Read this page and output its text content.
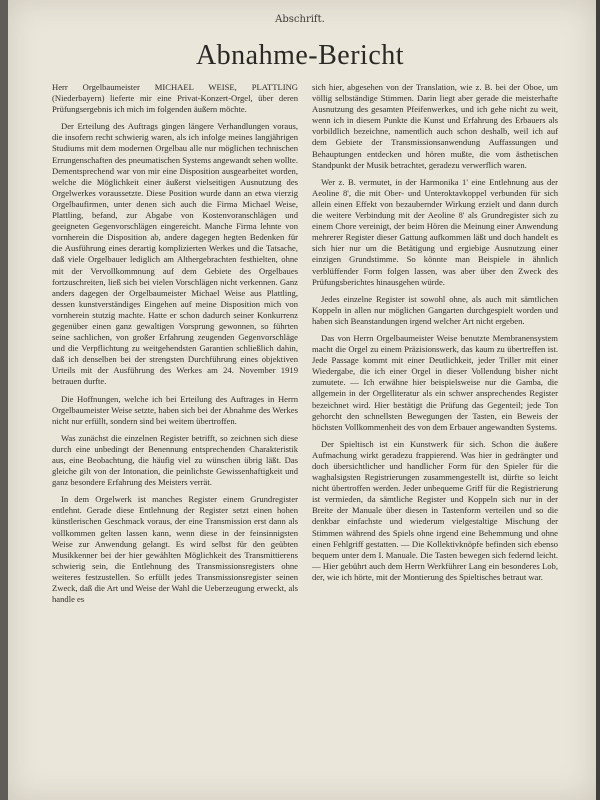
Abschrift.
Abnahme-Bericht

Herr Orgelbaumeister MICHAEL WEISE, PLATTLING (Niederbayern) lieferte mir eine Privat-Konzert-Orgel, über deren Prüfungsergebnis ich mich im folgenden äußern möchte.

Der Erteilung des Auftrags gingen längere Verhandlungen voraus, die insofern recht schwierig waren, als ich infolge meines langjährigen Studiums mit dem modernen Orgelbau alle nur möglichen technischen Errungenschaften des pneumatischen Systems angewandt sehen wollte. Dementsprechend war von mir eine Disposition ausgearbeitet worden, welche die Möglichkeit einer äußerst vielseitigen Ausnutzung des Orgelwerkes voraussetzte. Diese Position wurde dann an etwa vierzig Orgelbaufirmen, unter denen sich auch die Firma Michael Weise, Plattling, befand, zur Abgabe von Kostenvoranschlägen und geeigneten Gegenvorschlägen eingereicht. Manche Firma lehnte von vornherein die Disposition ab, andere dagegen hegten Bedenken für die Ausführung eines derartig komplizierten Werkes und die Tatsache, daß viele Orgelbauer lediglich am Althergebrachten festhielten, ohne mit der Vervollkommnung auf dem Gebiete des Orgelbaues fortzuschreiten, ließ sich bei vielen Vorschlägen nicht verkennen. Ganz anders dagegen der Orgelbaumeister Michael Weise aus Plattling, dessen kunstverständiges Eingehen auf meine Disposition mich von vornherein stutzig machte. Hatte er schon dadurch seiner Konkurrenz gegenüber einen ganz gewaltigen Vorsprung gewonnen, so führten seine sachlichen, von großer Erfahrung zeugenden Gegenvorschläge und die Verpflichtung zu weitgehendsten Garantien schließlich dahin, daß ich denselben bei der strengsten Durchführung eines objektiven Urteils mit der Ausführung des Werkes am 24. November 1919 betrauen durfte.

Die Hoffnungen, welche ich bei Erteilung des Auftrages in Herrn Orgelbaumeister Weise setzte, haben sich bei der Abnahme des Werkes nicht nur erfüllt, sondern sind bei weitem übertroffen.

Was zunächst die einzelnen Register betrifft, so zeichnen sich diese durch eine unbedingt der Benennung entsprechenden Charakteristik aus, eine Beobachtung, die häufig viel zu wünschen übrig läßt. Das gleiche gilt von der Intonation, die peinlichste Gewissenhaftigkeit und ganz besondere Erfahrung des Meisters verrät.

In dem Orgelwerk ist manches Register einem Grundregister entlehnt. Gerade diese Entlehnung der Register setzt einen hohen künstlerischen Geschmack voraus, der eine Transmission erst dann als vollkommen gelten lassen kann, wenn diese in der feinsinnigsten Weise zur Anwendung gelangt. Es wird selbst für den geübten Musikkenner bei der hier gewählten Möglichkeit des Transmittierens schwierig sein, die Entlehnung des Transmissionsregisters ohne weiteres festzustellen. So erfüllt jedes Transmissionsregister seinen Zweck, daß die Art und Weise der Wahl die Ueberzeugung erweckt, als handle es

sich hier, abgesehen von der Translation, wie z. B. bei der Oboe, um völlig selbständige Stimmen. Darin liegt aber gerade die meisterhafte Ausnutzung des gesamten Pfeifenwerkes, und ich gehe nicht zu weit, wenn ich in diesem Punkte die Kunst und Erfahrung des Erbauers als vorbildlich bezeichne, namentlich auch schon deshalb, weil ich auf dem Gebiete der Transmissionsanwendung Auffassungen und Behauptungen entdecken und hören mußte, die vom ästhetischen Standpunkt der Musik betrachtet, geradezu verwerflich waren.

Wer z. B. vermutet, in der Harmonika 1' eine Entlehnung aus der Aeoline 8', die mit Ober- und Unteroktavkoppel verbunden für sich allein einen Effekt von bezaubernder Wirkung erzielt und dann durch die weitere Verbindung mit der Aeoline 8' als Grundregister sich zu einem Chore vereinigt, der beim Hören die Meinung einer Anwendung mehrerer Register dieser Gattung aufkommen läßt und doch handelt es sich hier nur um die Betätigung und ergiebige Ausnutzung einer einzigen Grundstimme. So könnte man Beispiele in ähnlich verblüffender Form folgen lassen, was aber über den Zweck des Prüfungsberichtes hinausgehen würde.

Jedes einzelne Register ist sowohl ohne, als auch mit sämtlichen Koppeln in allen nur möglichen Gangarten durchgespielt worden und haben sich Beanstandungen irgend welcher Art nicht ergeben.

Das von Herrn Orgelbaumeister Weise benutzte Membranensystem macht die Orgel zu einem Präzisionswerk, das kaum zu übertreffen ist. Jede Passage kommt mit einer Deutlichkeit, jeder Triller mit einer Wiedergabe, die ich einer Orgel in dieser Vollendung bisher nicht zumutete. — Ich erwähne hier beispielsweise nur die Gamba, die allgemein in der Orgelliteratur als ein schwer ansprechendes Register bezeichnet wird. Hier bestätigt die Prüfung das Gegenteil; jede Ton gehorcht den schnellsten Bewegungen der Tasten, ein Beweis der höchsten Vollkommenheit des von dem Erbauer angewandten Systems.

Der Spieltisch ist ein Kunstwerk für sich. Schon die äußere Aufmachung wirkt geradezu frappierend. Was hier in gedrängter und doch übersichtlicher und handlicher Form für den Spieler für die waghalsigsten Registrierungen zusammengestellt ist, dürfte so leicht nicht übertroffen werden. Jeder unbequeme Griff für die Registrierung ist vermieden, da sämtliche Register und Koppeln sich nur in der Breite der Manuale über diesen in Tastenform verteilen und so die denkbar einfachste und wiederum vielgestaltige Mischung der Stimmen während des Spiels ohne irgend eine Behemmung und ohne einen Fehlgriff gestatten. — Die Kollektivknöpfe befinden sich ebenso bequem unter dem I. Manuale. Die Tasten bewegen sich federnd leicht. — Hier gebührt auch dem Herrn Werkführer Lang ein besonderes Lob, der, wie ich hörte, mit der Montierung des Spieltisches betraut war.
